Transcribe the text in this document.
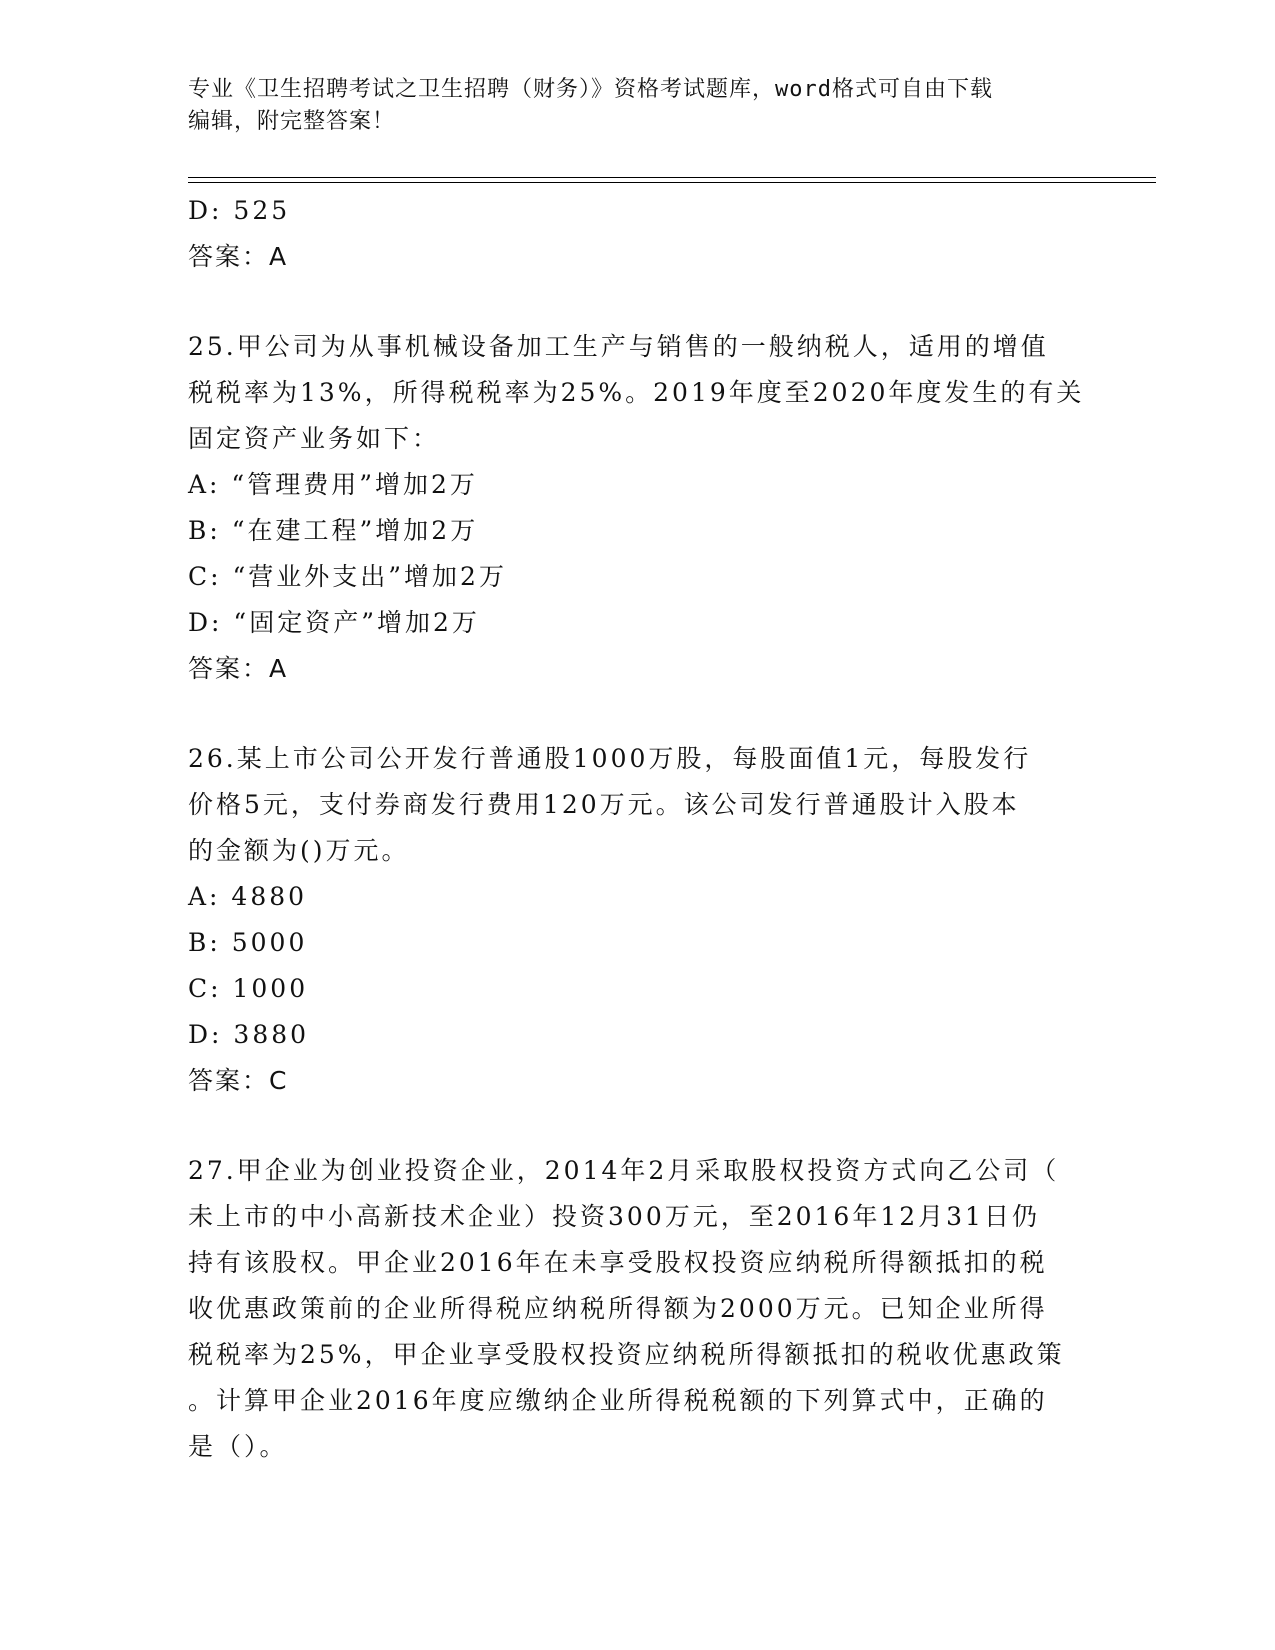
专业《卫生招聘考试之卫生招聘（财务）》资格考试题库，word格式可自由下载
编辑，附完整答案！
D: 525
答案：A
25.甲公司为从事机械设备加工生产与销售的一般纳税人，适用的增值
税税率为13%，所得税税率为25%。2019年度至2020年度发生的有关
固定资产业务如下：
A: “管理费用”增加2万
B: “在建工程”增加2万
C: “营业外支出”增加2万
D: “固定资产”增加2万
答案：A
26.某上市公司公开发行普通股1000万股，每股面值1元，每股发行
价格5元，支付券商发行费用120万元。该公司发行普通股计入股本
的金额为()万元。
A: 4880
B: 5000
C: 1000
D: 3880
答案：C
27.甲企业为创业投资企业，2014年2月采取股权投资方式向乙公司（
未上市的中小高新技术企业）投资300万元，至2016年12月31日仍
持有该股权。甲企业2016年在未享受股权投资应纳税所得额抵扣的税
收优惠政策前的企业所得税应纳税所得额为2000万元。已知企业所得
税税率为25%，甲企业享受股权投资应纳税所得额抵扣的税收优惠政策
。计算甲企业2016年度应缴纳企业所得税税额的下列算式中，正确的
是（）。
